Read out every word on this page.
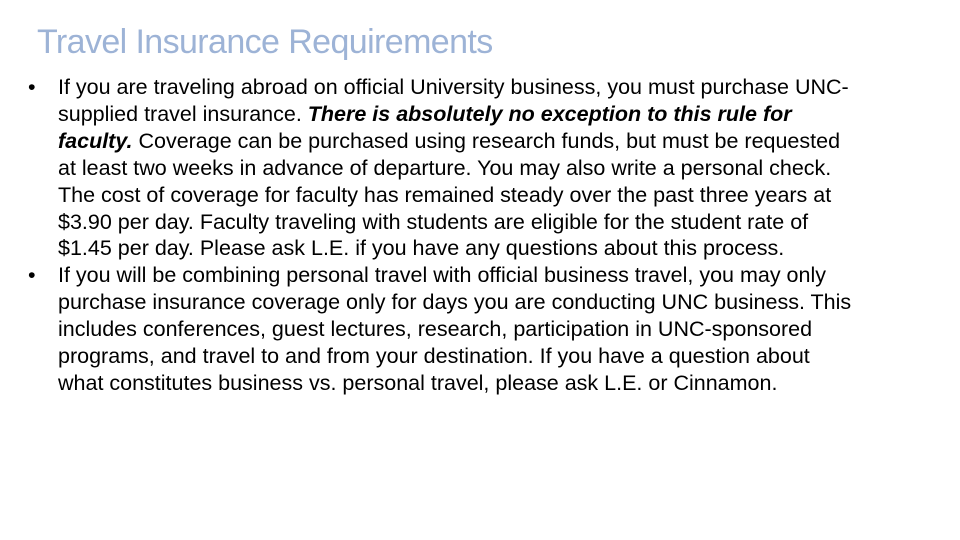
Travel Insurance Requirements
•	If you are traveling abroad on official University business, you must purchase UNC-supplied travel insurance. There is absolutely no exception to this rule for faculty. Coverage can be purchased using research funds, but must be requested at least two weeks in advance of departure. You may also write a personal check. The cost of coverage for faculty has remained steady over the past three years at $3.90 per day. Faculty traveling with students are eligible for the student rate of $1.45 per day. Please ask L.E. if you have any questions about this process.
•	If you will be combining personal travel with official business travel, you may only purchase insurance coverage only for days you are conducting UNC business. This includes conferences, guest lectures, research, participation in UNC-sponsored programs, and travel to and from your destination. If you have a question about what constitutes business vs. personal travel, please ask L.E. or Cinnamon.
